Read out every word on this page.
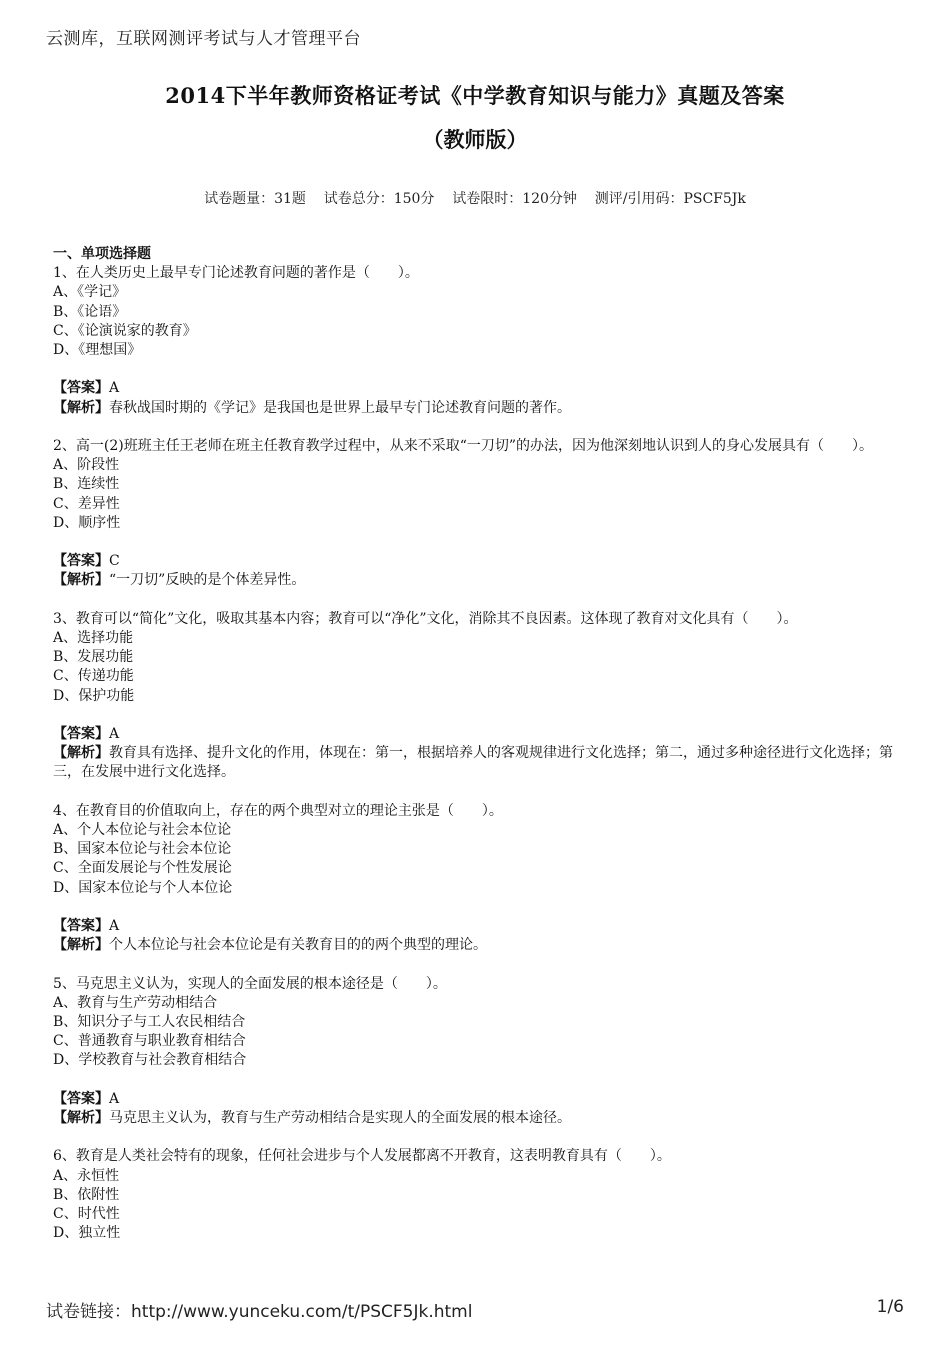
云测库，互联网测评考试与人才管理平台
2014下半年教师资格证考试《中学教育知识与能力》真题及答案
（教师版）
试卷题量：31题    试卷总分：150分    试卷限时：120分钟    测评/引用码：PSCF5Jk
一、单项选择题
1、在人类历史上最早专门论述教育问题的著作是（　　）。
A、《学记》
B、《论语》
C、《论演说家的教育》
D、《理想国》
【答案】A
【解析】春秋战国时期的《学记》是我国也是世界上最早专门论述教育问题的著作。
2、高一(2)班班主任王老师在班主任教育教学过程中，从来不采取“一刀切”的办法，因为他深刻地认识到人的身心发展具有（　　）。
A、阶段性
B、连续性
C、差异性
D、顺序性
【答案】C
【解析】“一刀切”反映的是个体差异性。
3、教育可以“简化”文化，吸取其基本内容；教育可以“净化”文化，消除其不良因素。这体现了教育对文化具有（　　）。
A、选择功能
B、发展功能
C、传递功能
D、保护功能
【答案】A
【解析】教育具有选择、提升文化的作用，体现在：第一，根据培养人的客观规律进行文化选择；第二，通过多种途径进行文化选择；第三，在发展中进行文化选择。
4、在教育目的价值取向上，存在的两个典型对立的理论主张是（　　）。
A、个人本位论与社会本位论
B、国家本位论与社会本位论
C、全面发展论与个性发展论
D、国家本位论与个人本位论
【答案】A
【解析】个人本位论与社会本位论是有关教育目的的两个典型的理论。
5、马克思主义认为，实现人的全面发展的根本途径是（　　）。
A、教育与生产劳动相结合
B、知识分子与工人农民相结合
C、普通教育与职业教育相结合
D、学校教育与社会教育相结合
【答案】A
【解析】马克思主义认为，教育与生产劳动相结合是实现人的全面发展的根本途径。
6、教育是人类社会特有的现象，任何社会进步与个人发展都离不开教育，这表明教育具有（　　）。
A、永恒性
B、依附性
C、时代性
D、独立性
试卷链接：http://www.yunceku.com/t/PSCF5Jk.html	1/6
